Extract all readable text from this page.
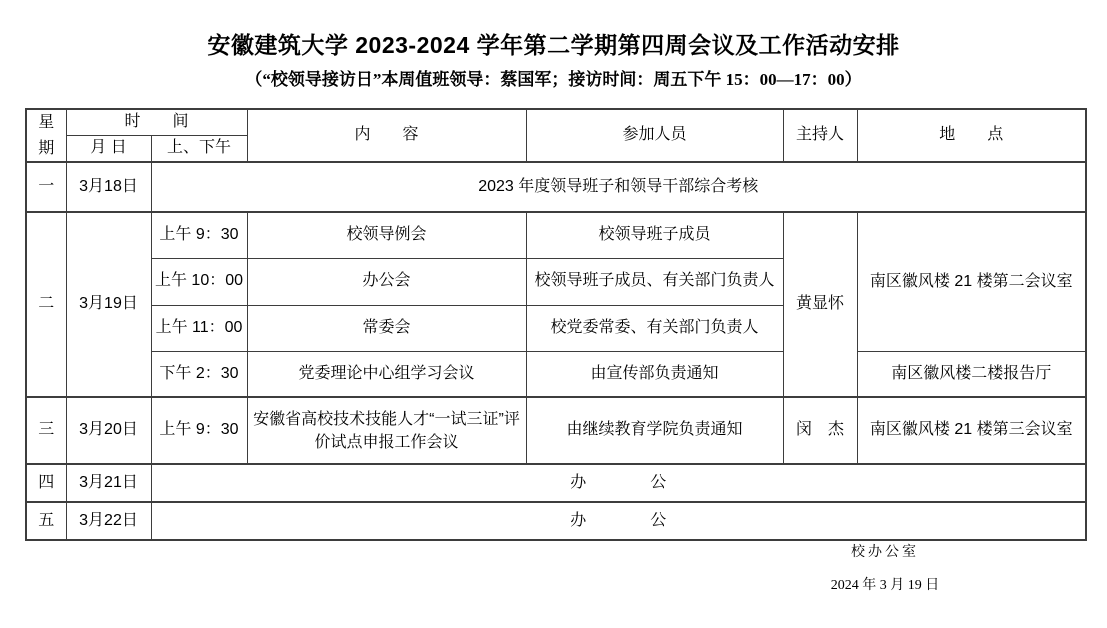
安徽建筑大学 2023-2024 学年第二学期第四周会议及工作活动安排
（“校领导接访日”本周值班领导：蔡国军；接访时间：周五下午 15：00—17：00）
星期	时　　间		内　　容	参加人员	主持人	地　　点
	月 日	上、下午				
一	3月18日	2023 年度领导班子和领导干部综合考核				
二	3月19日	上午 9：30	校领导例会	校领导班子成员	黄显怀	南区徽风楼 21 楼第二会议室
		上午 10：00	办公会	校领导班子成员、有关部门负责人		
		上午 11：00	常委会	校党委常委、有关部门负责人		
		下午 2：30	党委理论中心组学习会议	由宣传部负责通知		南区徽风楼二楼报告厅
三	3月20日	上午 9：30	安徽省高校技术技能人才“一试三证”评价试点申报工作会议	由继续教育学院负责通知	闵　杰	南区徽风楼 21 楼第三会议室
四	3月21日	办　　　　公				
五	3月22日	办　　　　公				
校办公室
2024 年 3 月 19 日
